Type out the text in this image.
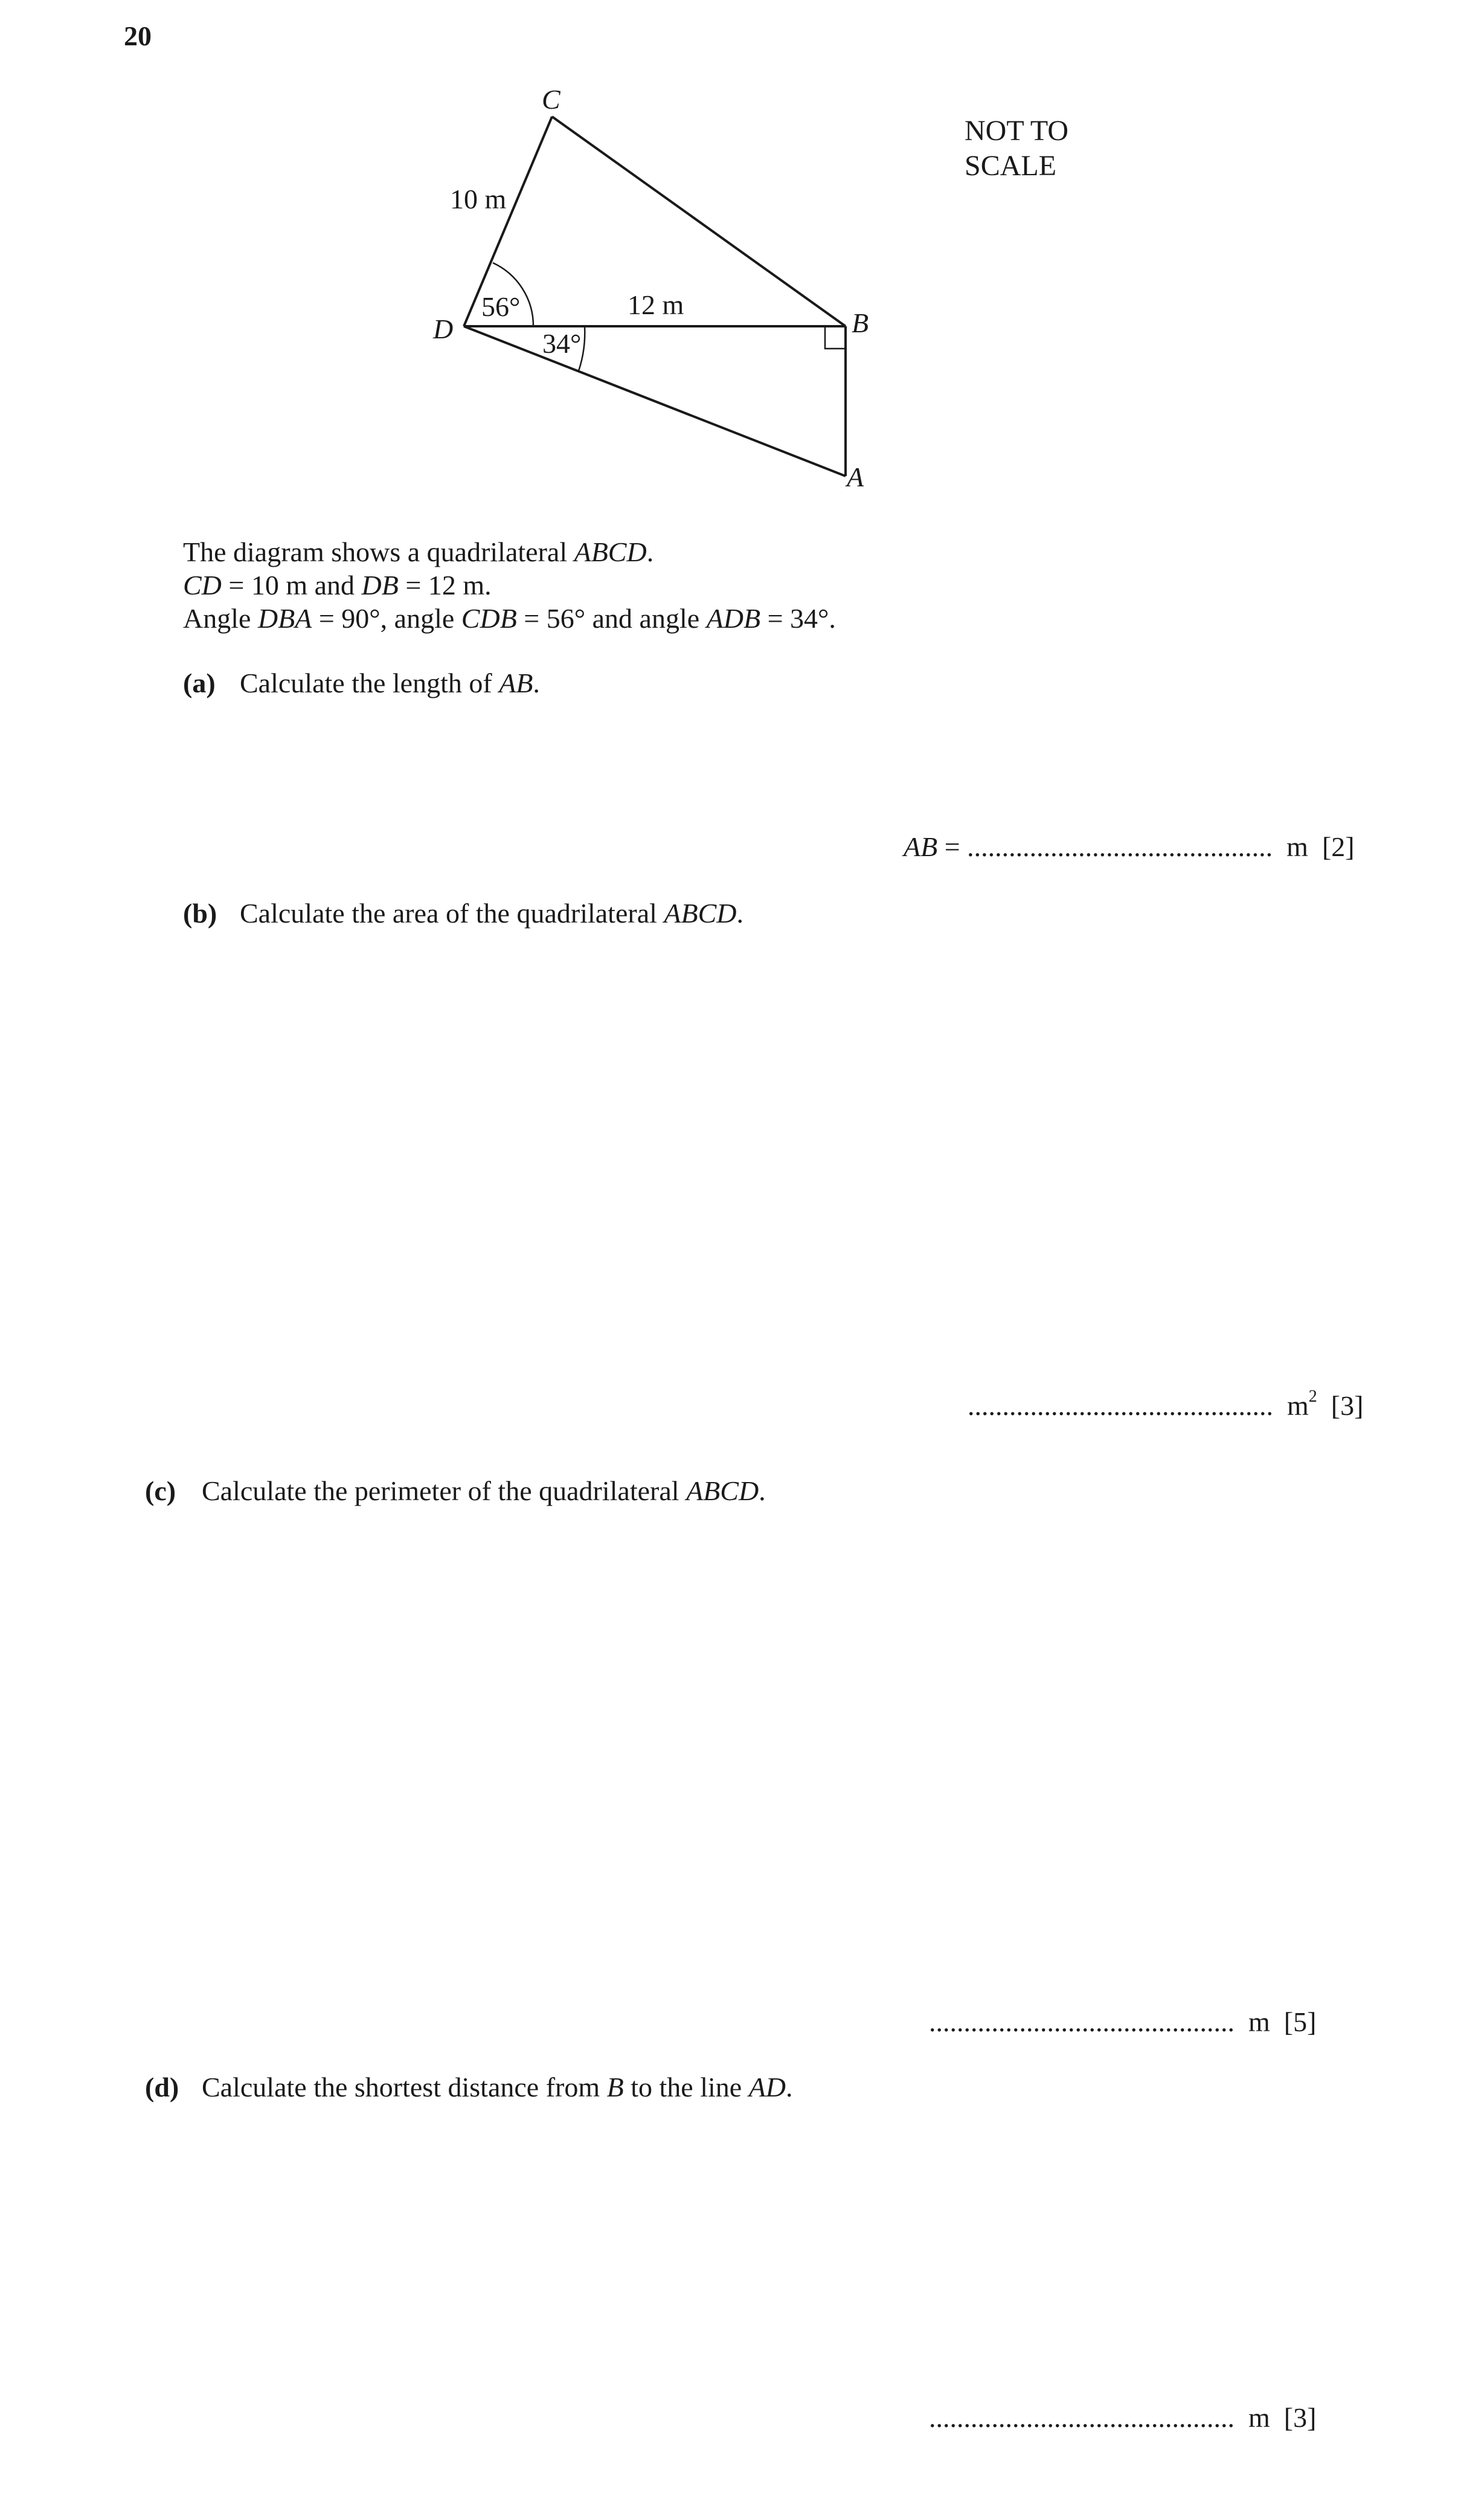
20
C
D	B
A
10 m
12 m
56°
34°
NOT TO
SCALE
The diagram shows a quadrilateral ABCD.
CD = 10 m and DB = 12 m.
Angle DBA = 90°, angle CDB = 56° and angle ADB = 34°.
(a) Calculate the length of AB.
AB = ............................................ m [2]
(b) Calculate the area of the quadrilateral ABCD.
............................................ $m^2$ [3]
(c) Calculate the perimeter of the quadrilateral ABCD.
............................................ m [5]
(d) Calculate the shortest distance from B to the line AD.
............................................ m [3]
